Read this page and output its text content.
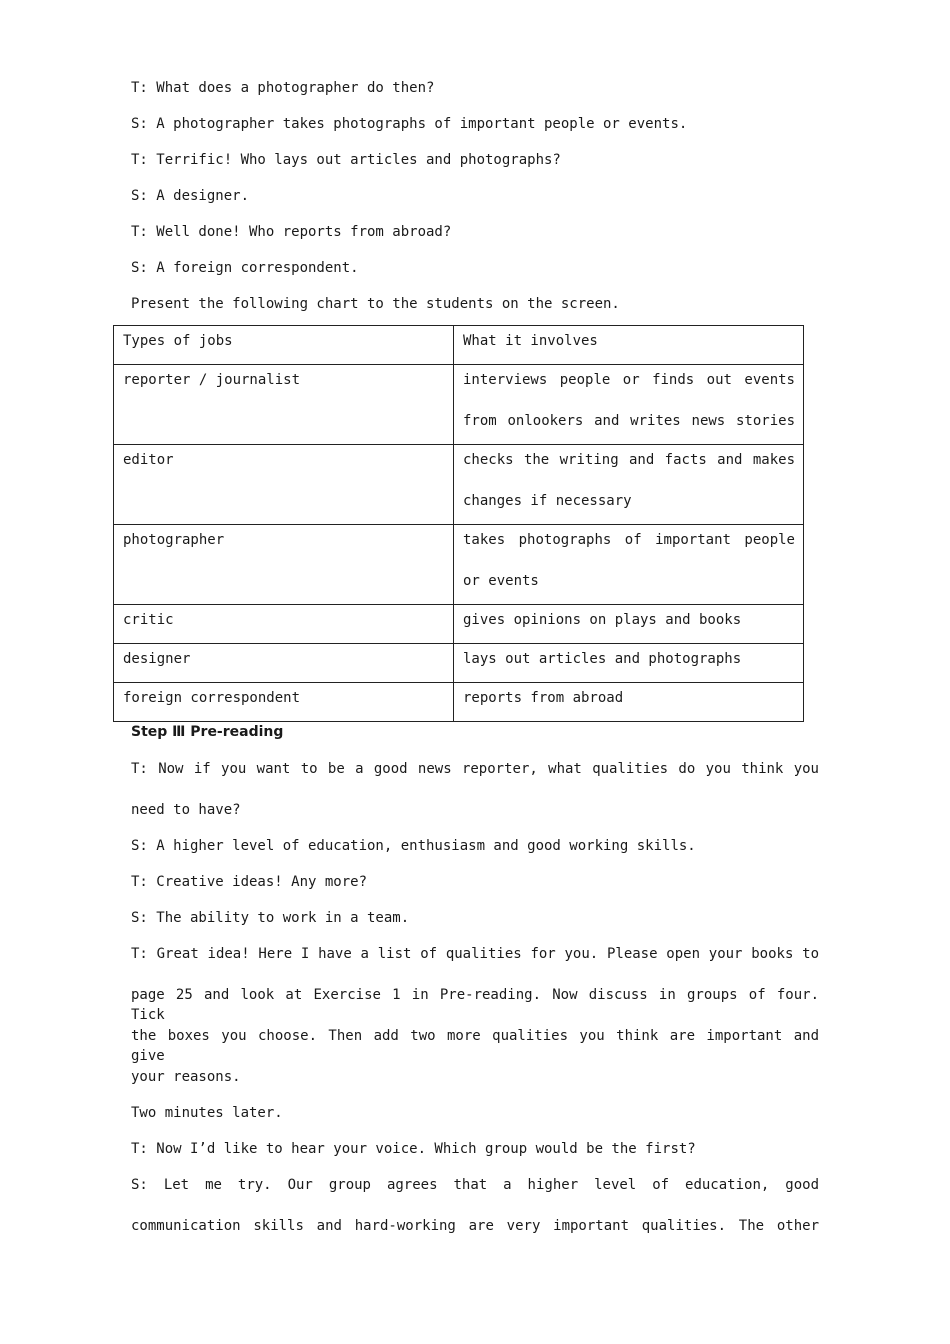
T: What does a photographer do then?
S: A photographer takes photographs of important people or events.
T: Terrific! Who lays out articles and photographs?
S: A designer.
T: Well done! Who reports from abroad?
S: A foreign correspondent.
Present the following chart to the students on the screen.
Types of jobs	What it involves
reporter / journalist	interviews people or finds out events
from onlookers and writes news stories

editor	checks the writing and facts and makes
changes if necessary

photographer	takes photographs of important people
or events

critic	gives opinions on plays and books
designer	lays out articles and photographs
foreign correspondent	reports from abroad
Step Ⅲ Pre-reading
T: Now if you want to be a good news reporter, what qualities do you think you
need to have?
S: A higher level of education, enthusiasm and good working skills.
T: Creative ideas! Any more?
S: The ability to work in a team.
T: Great idea! Here I have a list of qualities for you. Please open your books to
page 25 and look at Exercise 1 in Pre-reading. Now discuss in groups of four. Tick
the boxes you choose. Then add two more qualities you think are important and give
your reasons.
Two minutes later.
T: Now I’d like to hear your voice. Which group would be the first?
S: Let me try. Our group agrees that a higher level of education, good
communication skills and hard-working are very important qualities. The other
